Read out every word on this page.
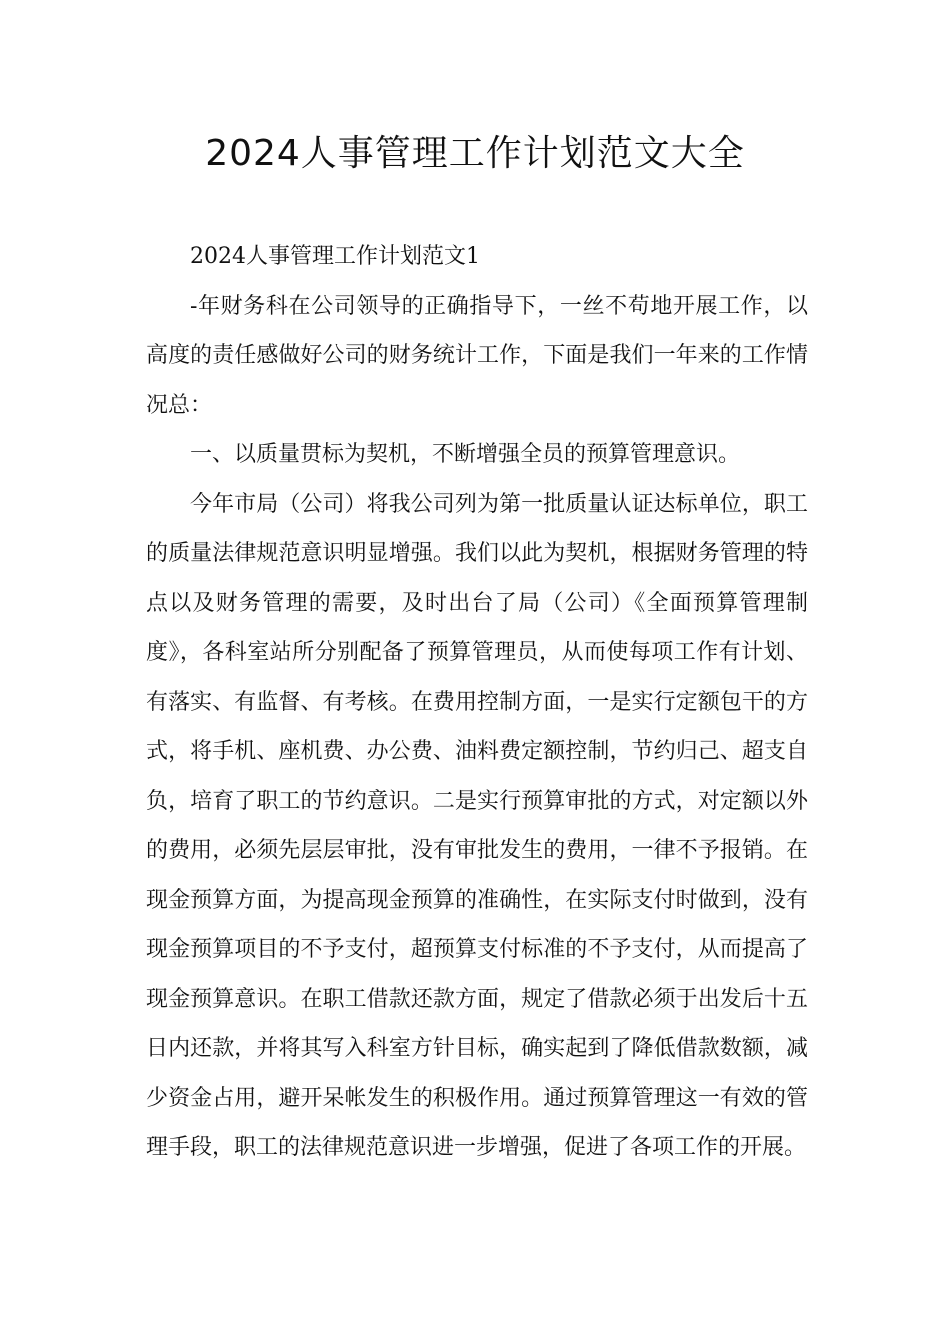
2024人事管理工作计划范文大全

2024人事管理工作计划范文1

-年财务科在公司领导的正确指导下，一丝不苟地开展工作，以高度的责任感做好公司的财务统计工作，下面是我们一年来的工作情况总：

一、以质量贯标为契机，不断增强全员的预算管理意识。

今年市局（公司）将我公司列为第一批质量认证达标单位，职工的质量法律规范意识明显增强。我们以此为契机，根据财务管理的特点以及财务管理的需要，及时出台了局（公司）《全面预算管理制度》，各科室站所分别配备了预算管理员，从而使每项工作有计划、有落实、有监督、有考核。在费用控制方面，一是实行定额包干的方式，将手机、座机费、办公费、油料费定额控制，节约归己、超支自负，培育了职工的节约意识。二是实行预算审批的方式，对定额以外的费用，必须先层层审批，没有审批发生的费用，一律不予报销。在现金预算方面，为提高现金预算的准确性，在实际支付时做到，没有现金预算项目的不予支付，超预算支付标准的不予支付，从而提高了现金预算意识。在职工借款还款方面，规定了借款必须于出发后十五日内还款，并将其写入科室方针目标，确实起到了降低借款数额，减少资金占用，避开呆帐发生的积极作用。通过预算管理这一有效的管理手段，职工的法律规范意识进一步增强，促进了各项工作的开展。
